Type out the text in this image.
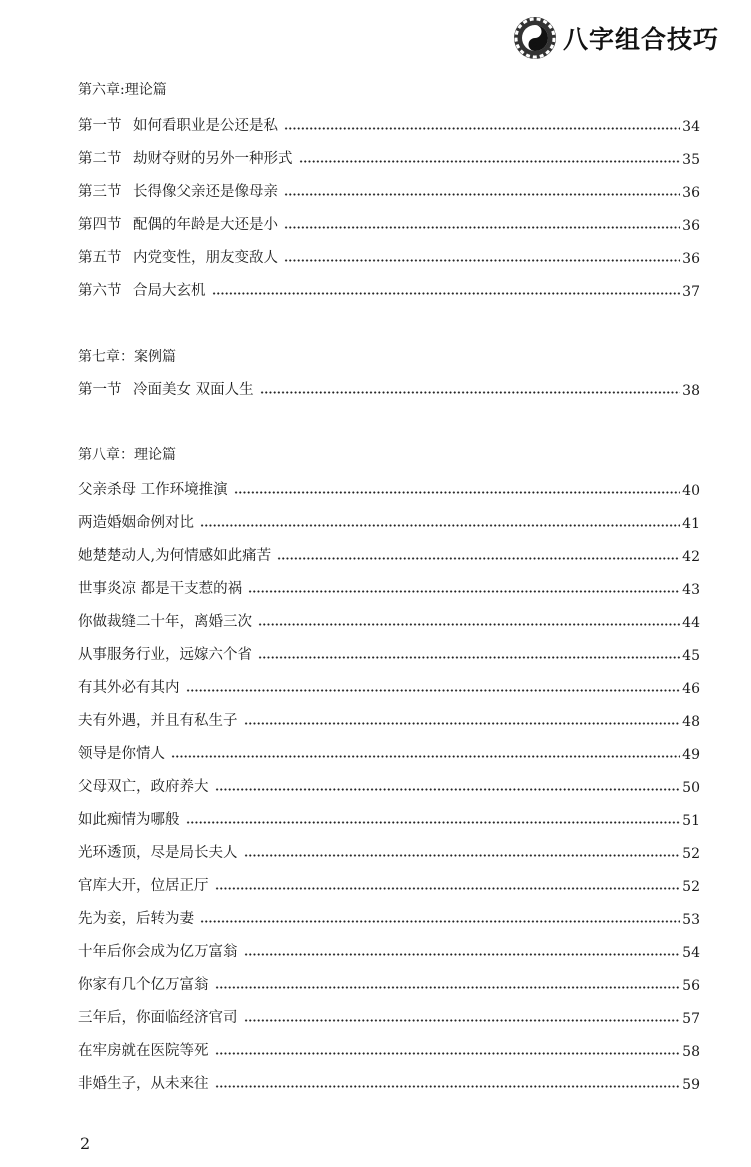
八字组合技巧
第六章:理论篇
第一节 如何看职业是公还是私	34
第二节 劫财夺财的另外一种形式	35
第三节 长得像父亲还是像母亲	36
第四节 配偶的年龄是大还是小	36
第五节 内党变性，朋友变敌人	36
第六节 合局大玄机	37
第七章：案例篇
第一节 冷面美女 双面人生	38
第八章：理论篇
父亲杀母 工作环境推演	40
两造婚姻命例对比	41
她楚楚动人,为何情感如此痛苦	42
世事炎凉 都是干支惹的祸	43
你做裁缝二十年，离婚三次	44
从事服务行业，远嫁六个省	45
有其外必有其内	46
夫有外遇，并且有私生子	48
领导是你情人	49
父母双亡，政府养大	50
如此痴情为哪般	51
光环透顶，尽是局长夫人	52
官库大开，位居正厅	52
先为妾，后转为妻	53
十年后你会成为亿万富翁	54
你家有几个亿万富翁	56
三年后，你面临经济官司	57
在牢房就在医院等死	58
非婚生子，从未来往	59
2
